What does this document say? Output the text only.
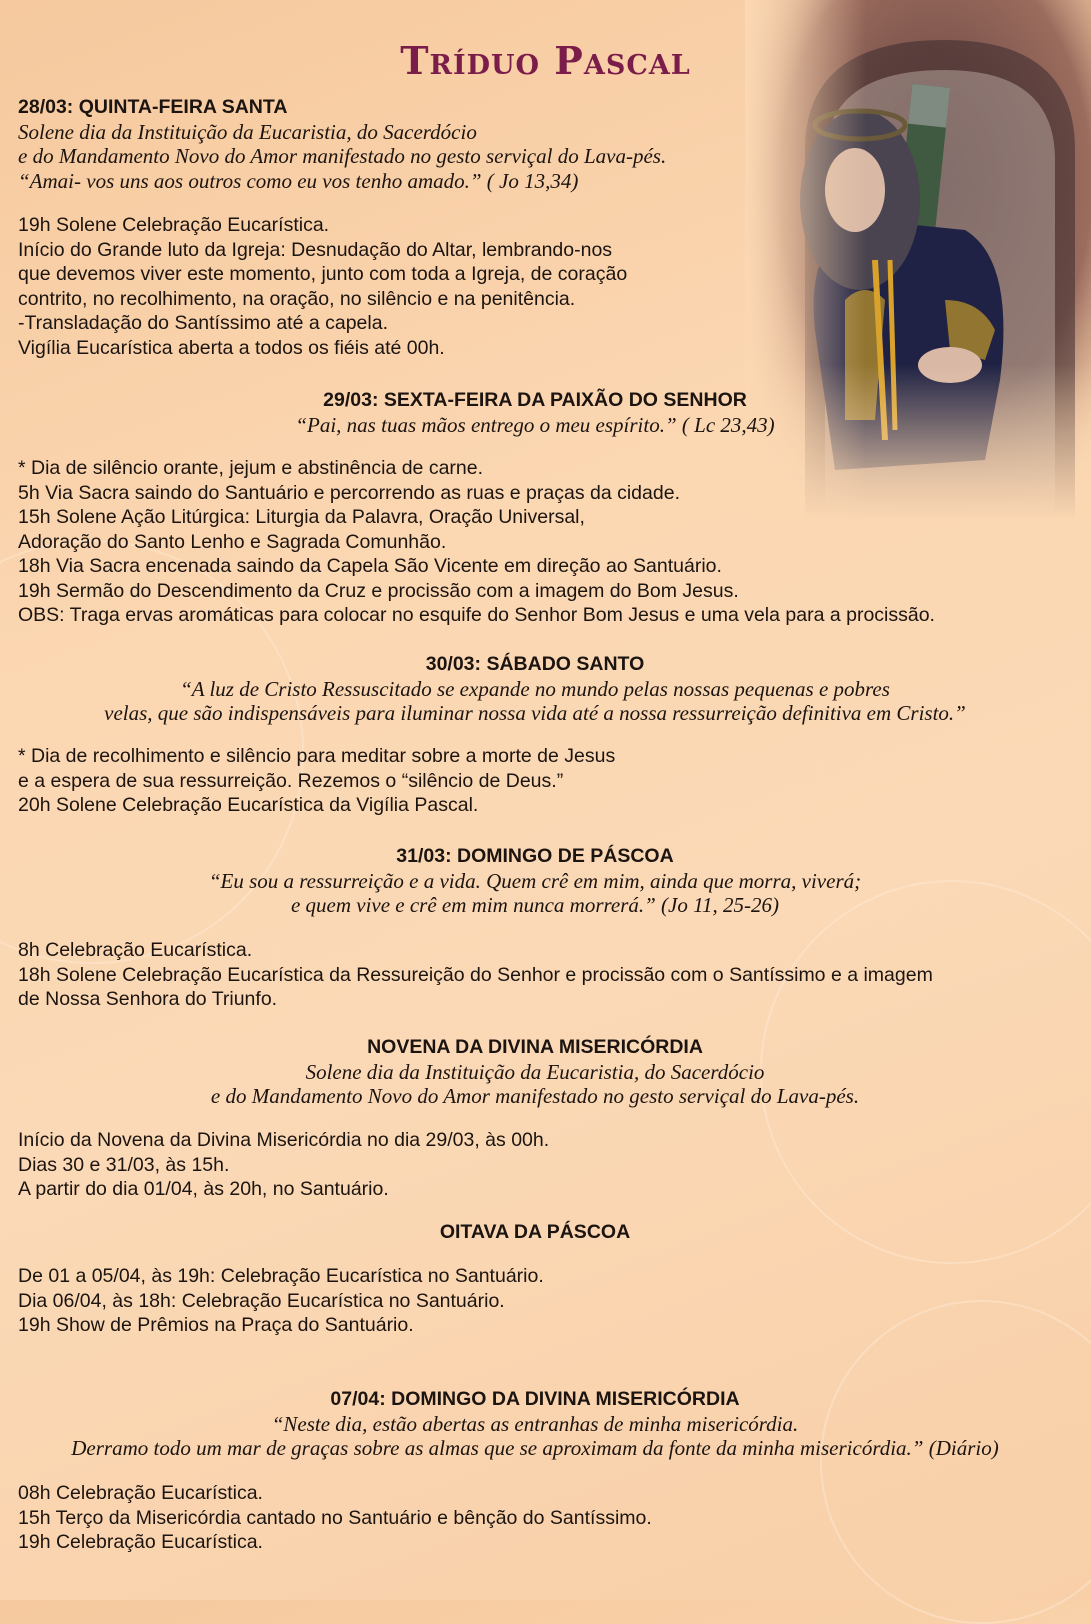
Tríduo Pascal
28/03: QUINTA-FEIRA SANTA
Solene dia da Instituição da Eucaristia, do Sacerdócio
e do Mandamento Novo do Amor manifestado no gesto serviçal do Lava-pés.
“Amai- vos uns aos outros como eu vos tenho amado.” ( Jo 13,34)
19h Solene Celebração Eucarística.
Início do Grande luto da Igreja: Desnudação do Altar, lembrando-nos
que devemos viver este momento, junto com toda a Igreja, de coração
contrito, no recolhimento, na oração, no silêncio e na penitência.
-Transladação do Santíssimo até a capela.
Vigília Eucarística aberta a todos os fiéis até 00h.
29/03: SEXTA-FEIRA DA PAIXÃO DO SENHOR
“Pai, nas tuas mãos entrego o meu espírito.” ( Lc 23,43)
* Dia de silêncio orante, jejum e abstinência de carne.
5h Via Sacra saindo do Santuário e percorrendo as ruas e praças da cidade.
15h Solene Ação Litúrgica: Liturgia da Palavra, Oração Universal,
Adoração do Santo Lenho e Sagrada Comunhão.
18h Via Sacra encenada saindo da Capela São Vicente em direção ao Santuário.
19h Sermão do Descendimento da Cruz e procissão com a imagem do Bom Jesus.
OBS: Traga ervas aromáticas para colocar no esquife do Senhor Bom Jesus e uma vela para a procissão.
30/03: SÁBADO SANTO
“A luz de Cristo Ressuscitado se expande no mundo pelas nossas pequenas e pobres
velas, que são indispensáveis para iluminar nossa vida até a nossa ressurreição definitiva em Cristo.”
* Dia de recolhimento e silêncio para meditar sobre a morte de Jesus
e a espera de sua ressurreição. Rezemos o “silêncio de Deus.”
20h Solene Celebração Eucarística da Vigília Pascal.
31/03: DOMINGO DE PÁSCOA
“Eu sou a ressurreição e a vida. Quem crê em mim, ainda que morra, viverá;
e quem vive e crê em mim nunca morrerá.” (Jo 11, 25-26)
8h Celebração Eucarística.
18h Solene Celebração Eucarística da Ressureição do Senhor e procissão com o Santíssimo e a imagem
de Nossa Senhora do Triunfo.
NOVENA DA DIVINA MISERICÓRDIA
Solene dia da Instituição da Eucaristia, do Sacerdócio
e do Mandamento Novo do Amor manifestado no gesto serviçal do Lava-pés.
Início da Novena da Divina Misericórdia no dia 29/03, às 00h.
Dias 30 e 31/03, às 15h.
A partir do dia 01/04, às 20h, no Santuário.
OITAVA DA PÁSCOA
De 01 a 05/04, às 19h: Celebração Eucarística no Santuário.
Dia 06/04, às 18h: Celebração Eucarística no Santuário.
19h Show de Prêmios na Praça do Santuário.
07/04: DOMINGO DA DIVINA MISERICÓRDIA
“Neste dia, estão abertas as entranhas de minha misericórdia.
Derramo todo um mar de graças sobre as almas que se aproximam da fonte da minha misericórdia.” (Diário)
08h Celebração Eucarística.
15h Terço da Misericórdia cantado no Santuário e bênção do Santíssimo.
19h Celebração Eucarística.
